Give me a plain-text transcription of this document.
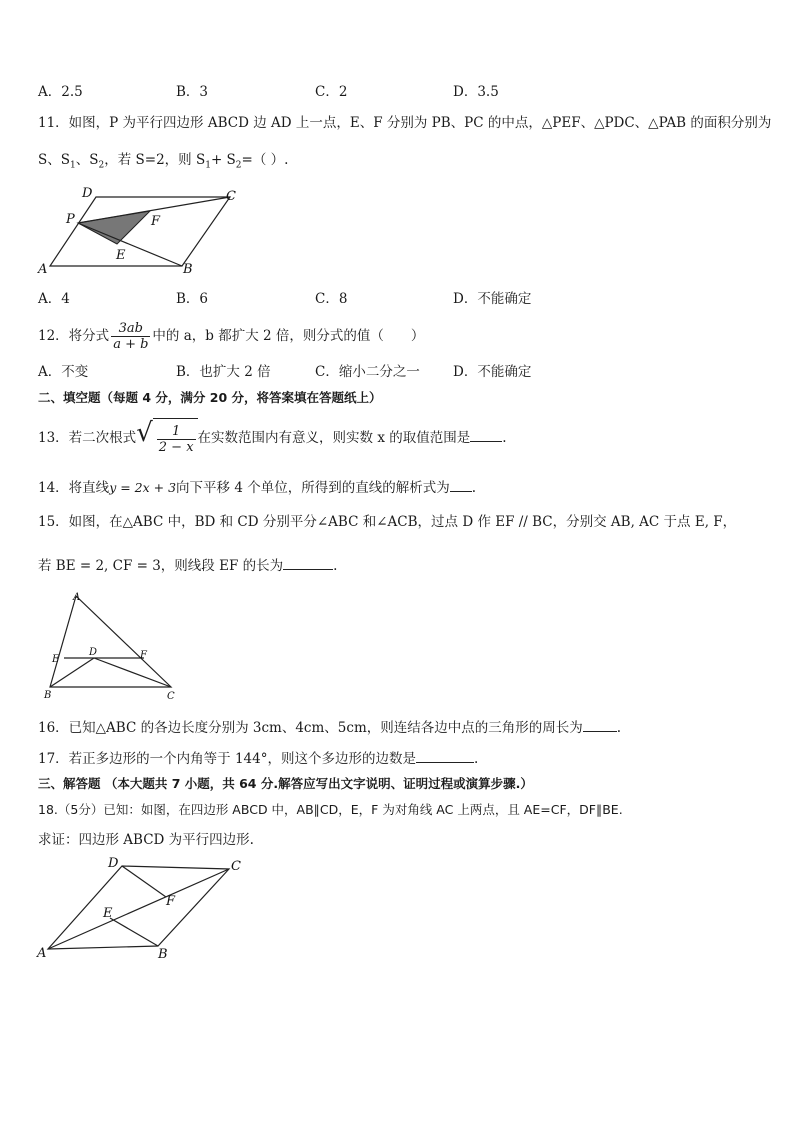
A．2.5	B．3	C．2	D．3.5
11．如图，P 为平行四边形 ABCD 边 AD 上一点，E、F 分别为 PB、PC 的中点，△PEF、△PDC、△PAB 的面积分别为
S、$S_1$、$S_2$，若 S=2，则 $S_1+ S_2=$（ ）.
D	C
P	F
E
A	B
A．4	B．6	C．8	D．不能确定
12．将分式 $\frac{3ab}{a + b}$ 中的 a，b 都扩大 2 倍，则分式的值（　　）
A．不变	B．也扩大 2 倍	C．缩小二分之一 D．不能确定
二、填空题（每题 4 分，满分 20 分，将答案填在答题纸上）
13．若二次根式 √ $\frac{1}{2 - x}$ 在实数范围内有意义，则实数 x 的取值范围是 .
14．将直线y = 2x + 3向下平移 4 个单位，所得到的直线的解析式为 .
15．如图，在△ABC 中，BD 和 CD 分别平分∠ABC 和∠ACB，过点 D 作 EF // BC，分别交 AB, AC 于点 E, F，
若 BE = 2, CF = 3，则线段 EF 的长为	.
A
E
D	F
B	C
16．已知△ABC 的各边长度分别为 3cm、4cm、5cm，则连结各边中点的三角形的周长为	.
17．若正多边形的一个内角等于 144°，则这个多边形的边数是	.
三、解答题 （本大题共 7 小题，共 64 分.解答应写出文字说明、证明过程或演算步骤.）
18.（5分）已知：如图，在四边形 ABCD 中，AB∥CD，E，F 为对角线 AC 上两点，且 AE=CF，DF∥BE.
求证：四边形 ABCD 为平行四边形.
D	C
E
F
A	B
